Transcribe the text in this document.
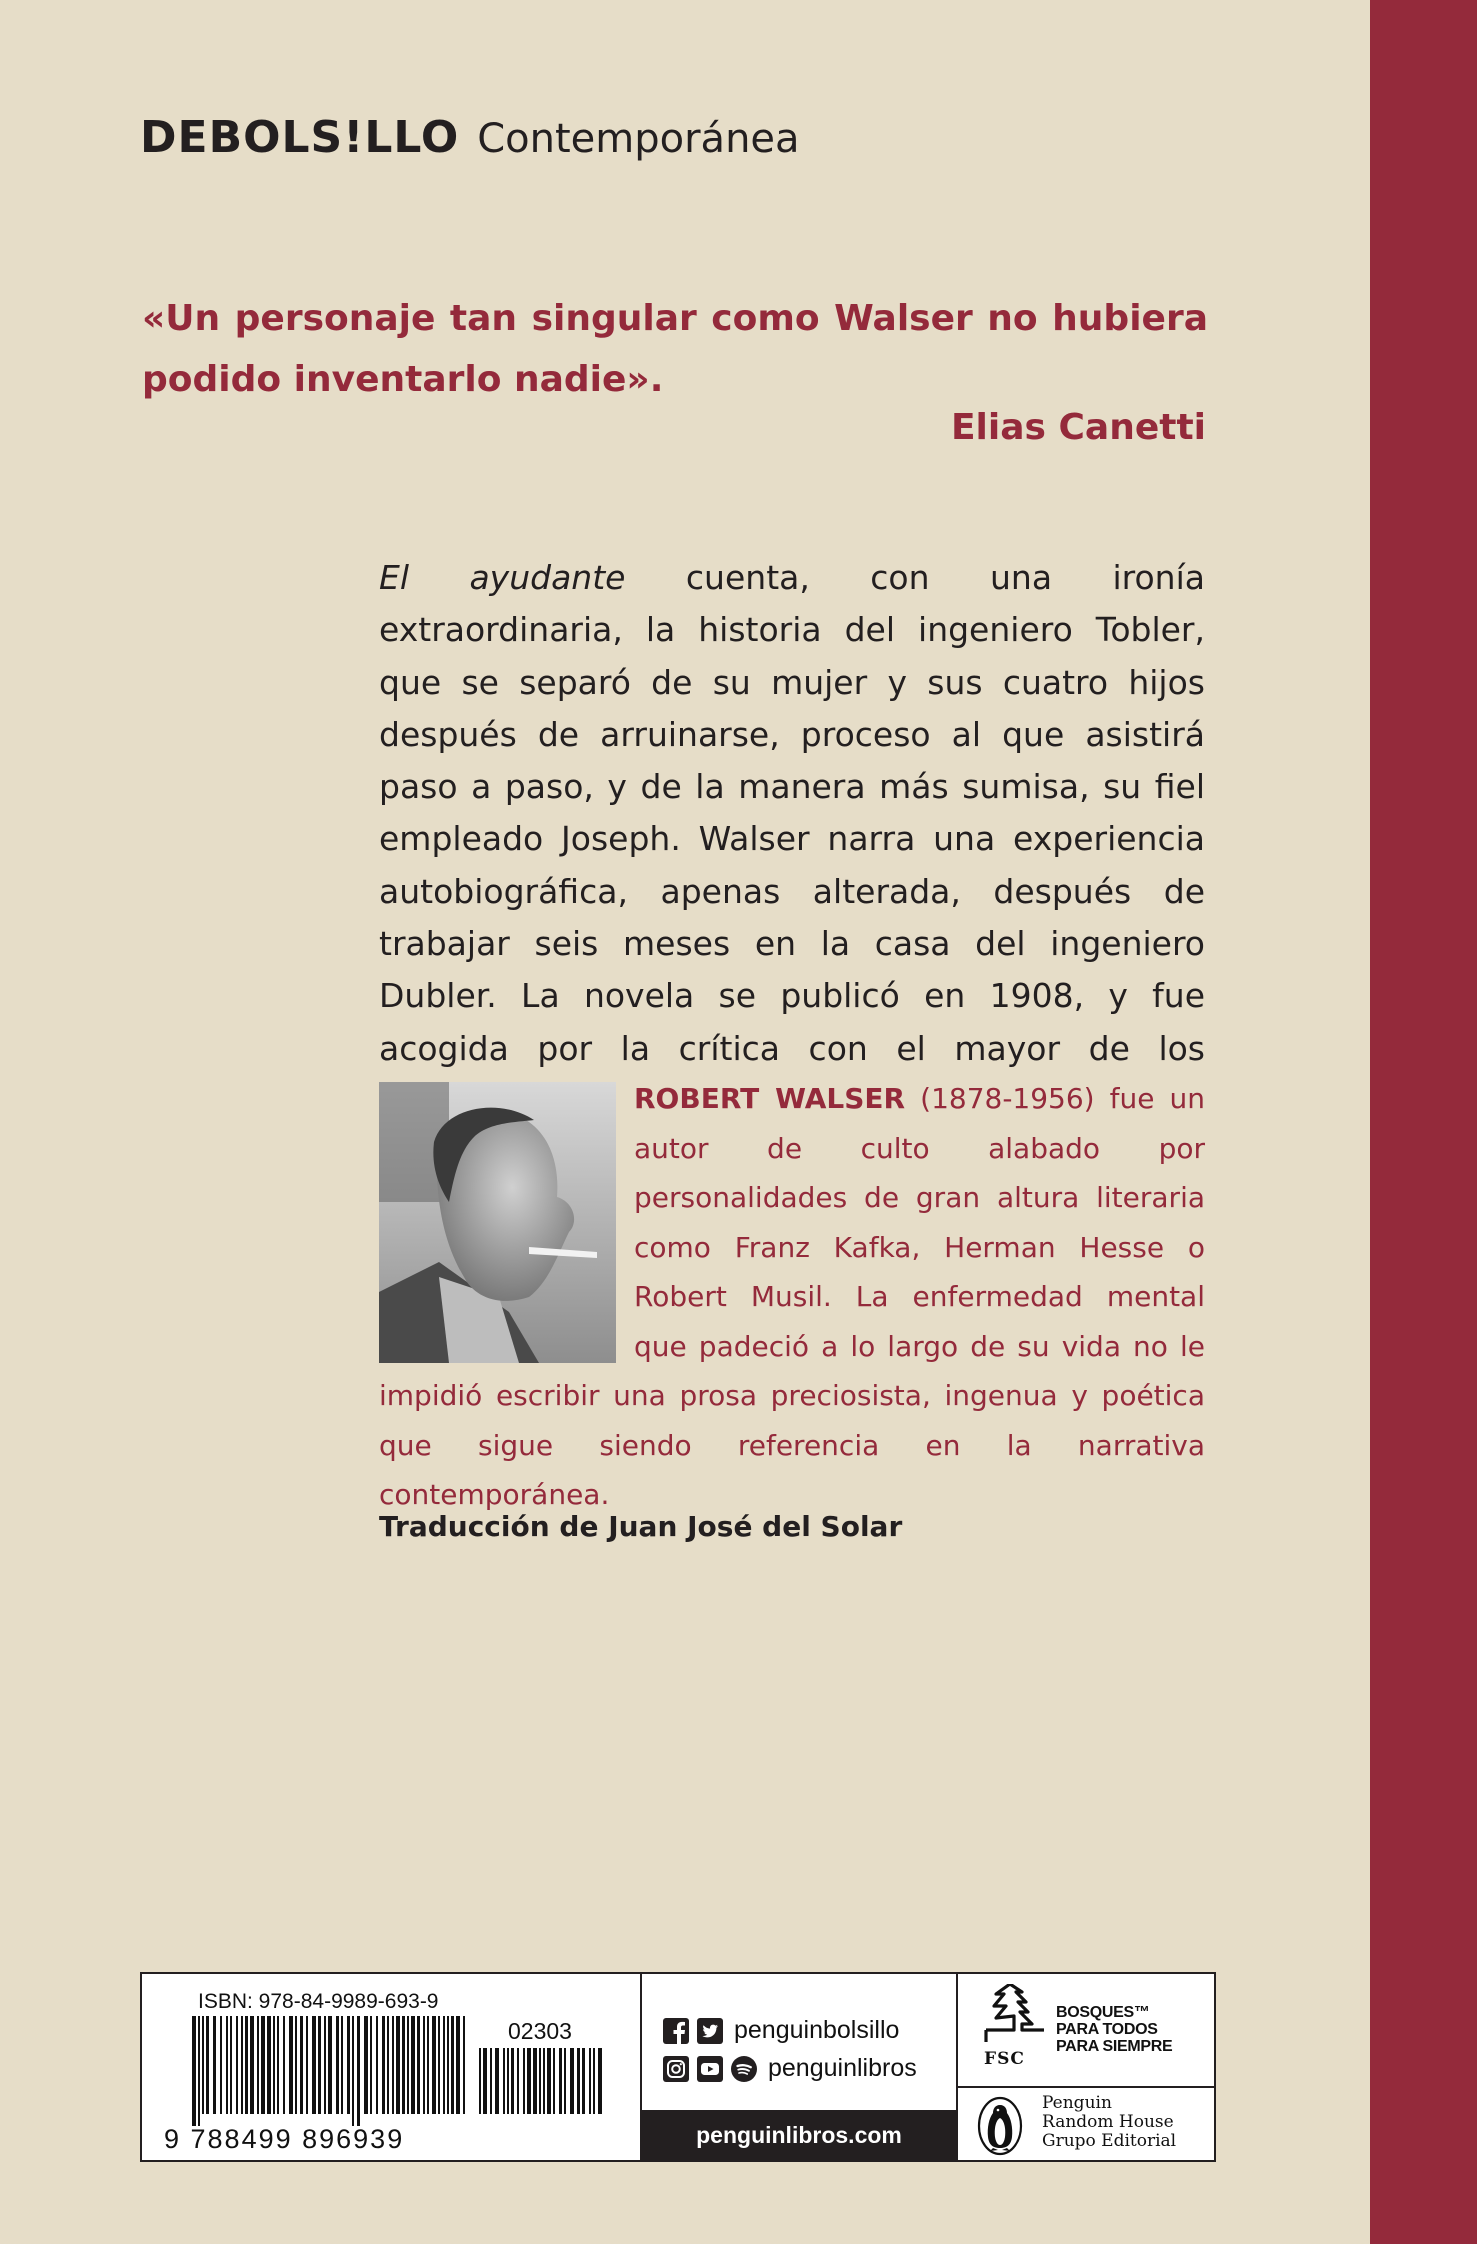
DEBOLS!LLO Contemporánea
«Un personaje tan singular como Walser no hubiera podido inventarlo nadie».
Elias Canetti
El ayudante cuenta, con una ironía extraordinaria, la historia del ingeniero Tobler, que se separó de su mujer y sus cuatro hijos después de arruinarse, proceso al que asistirá paso a paso, y de la manera más sumisa, su fiel empleado Joseph. Walser narra una experiencia autobiográfica, apenas alterada, después de trabajar seis meses en la casa del ingeniero Dubler. La novela se publicó en 1908, y fue acogida por la crítica con el mayor de los
ROBERT WALSER (1878-1956) fue un autor de culto alabado por personalidades de gran altura literaria como Franz Kafka, Herman Hesse o Robert Musil. La enfermedad mental que padeció a lo largo de su vida no le impidió escribir una prosa preciosista, ingenua y poética que sigue siendo referencia en la narrativa contemporánea.
Traducción de Juan José del Solar
ISBN: 978-84-9989-693-9
02303
9 788499 896939
penguinbolsillo
penguinlibros
penguinlibros.com
FSC
BOSQUES™
PARA TODOS
PARA SIEMPRE
Penguin
Random House
Grupo Editorial
